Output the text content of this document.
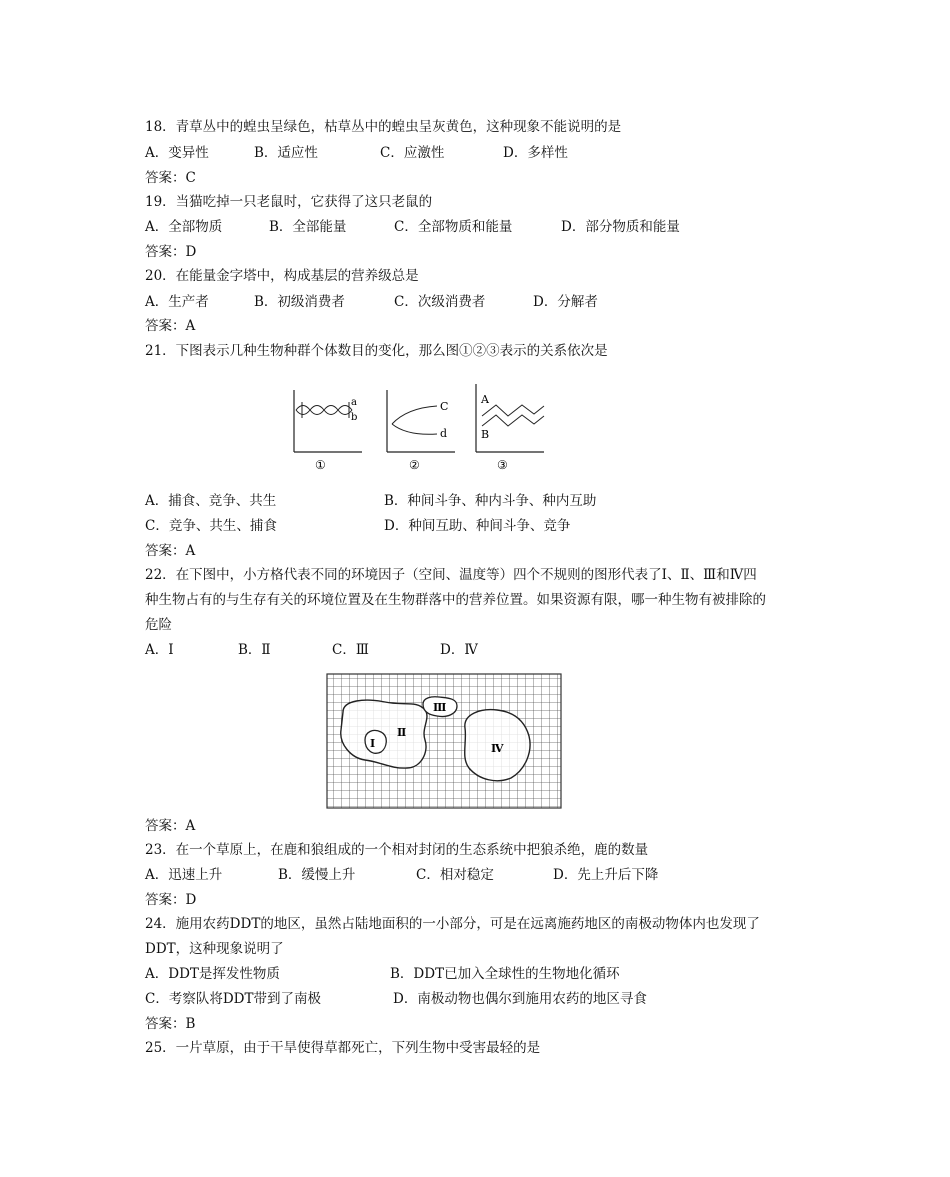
18．青草丛中的蝗虫呈绿色，枯草丛中的蝗虫呈灰黄色，这种现象不能说明的是
A．变异性	B．适应性	C．应激性	D．多样性
答案：C
19．当猫吃掉一只老鼠时，它获得了这只老鼠的
A．全部物质	B．全部能量	C．全部物质和能量	D．部分物质和能量
答案：D
20．在能量金字塔中，构成基层的营养级总是
A．生产者	B．初级消费者	C．次级消费者	D．分解者
答案：A
21．下图表示几种生物种群个体数目的变化，那么图①②③表示的关系依次是
a
b
①
C
d
②
A
B
③
A．捕食、竞争、共生	B．种间斗争、种内斗争、种内互助
C．竞争、共生、捕食	D．种间互助、种间斗争、竞争
答案：A
22．在下图中，小方格代表不同的环境因子（空间、温度等）四个不规则的图形代表了Ⅰ、Ⅱ、Ⅲ和Ⅳ四
种生物占有的与生存有关的环境位置及在生物群落中的营养位置。如果资源有限，哪一种生物有被排除的
危险
A．Ⅰ	B．Ⅱ	C．Ⅲ	D．Ⅳ
Ⅰ
Ⅱ
Ⅲ
Ⅳ
答案：A
23．在一个草原上，在鹿和狼组成的一个相对封闭的生态系统中把狼杀绝，鹿的数量
A．迅速上升	B．缓慢上升	C．相对稳定	D．先上升后下降
答案：D
24．施用农药DDT的地区，虽然占陆地面积的一小部分，可是在远离施药地区的南极动物体内也发现了
DDT，这种现象说明了
A．DDT是挥发性物质	B．DDT已加入全球性的生物地化循环
C．考察队将DDT带到了南极	D．南极动物也偶尔到施用农药的地区寻食
答案：B
25．一片草原，由于干旱使得草都死亡，下列生物中受害最轻的是
